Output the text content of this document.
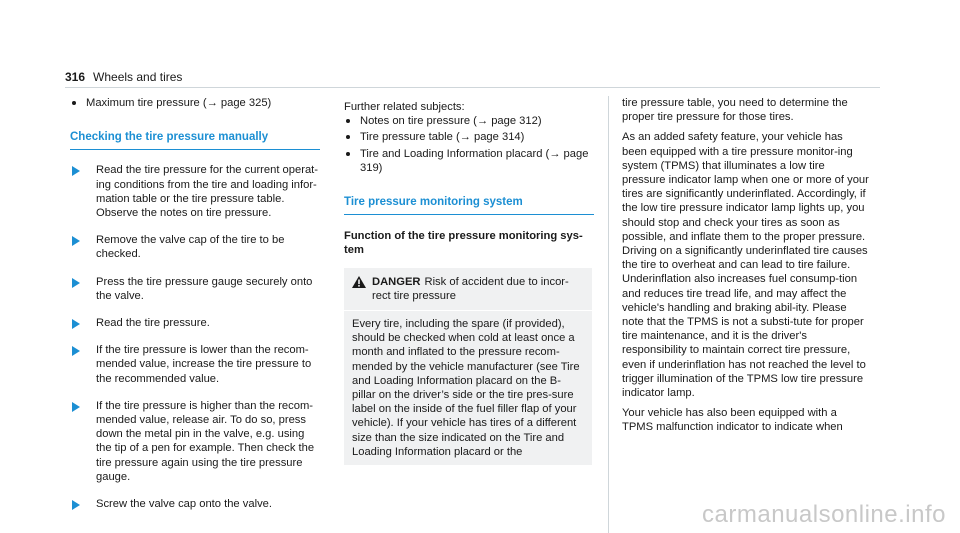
316 Wheels and tires
Maximum tire pressure (→ page 325)
Checking the tire pressure manually
Read the tire pressure for the current operat-ing conditions from the tire and loading infor-mation table or the tire pressure table. Observe the notes on tire pressure.
Remove the valve cap of the tire to be checked.
Press the tire pressure gauge securely onto the valve.
Read the tire pressure.
If the tire pressure is lower than the recom-mended value, increase the tire pressure to the recommended value.
If the tire pressure is higher than the recom-mended value, release air. To do so, press down the metal pin in the valve, e.g. using the tip of a pen for example. Then check the tire pressure again using the tire pressure gauge.
Screw the valve cap onto the valve.
Further related subjects:
Notes on tire pressure (→ page 312)
Tire pressure table (→ page 314)
Tire and Loading Information placard (→ page 319)
Tire pressure monitoring system
Function of the tire pressure monitoring sys-tem
DANGER Risk of accident due to incor-rect tire pressure
Every tire, including the spare (if provided), should be checked when cold at least once a month and inflated to the pressure recom-mended by the vehicle manufacturer (see Tire and Loading Information placard on the B-pillar on the driver’s side or the tire pres-sure label on the inside of the fuel filler flap of your vehicle). If your vehicle has tires of a different size than the size indicated on the Tire and Loading Information placard or the
tire pressure table, you need to determine the proper tire pressure for those tires.
As an added safety feature, your vehicle has been equipped with a tire pressure monitor-ing system (TPMS) that illuminates a low tire pressure indicator lamp when one or more of your tires are significantly underinflated. Accordingly, if the low tire pressure indicator lamp lights up, you should stop and check your tires as soon as possible, and inflate them to the proper pressure. Driving on a significantly underinflated tire causes the tire to overheat and can lead to tire failure. Underinflation also increases fuel consump-tion and reduces tire tread life, and may affect the vehicle's handling and braking abil-ity. Please note that the TPMS is not a substi-tute for proper tire maintenance, and it is the driver's responsibility to maintain correct tire pressure, even if underinflation has not reached the level to trigger illumination of the TPMS low tire pressure indicator lamp.
Your vehicle has also been equipped with a TPMS malfunction indicator to indicate when
carmanualsonline.info
